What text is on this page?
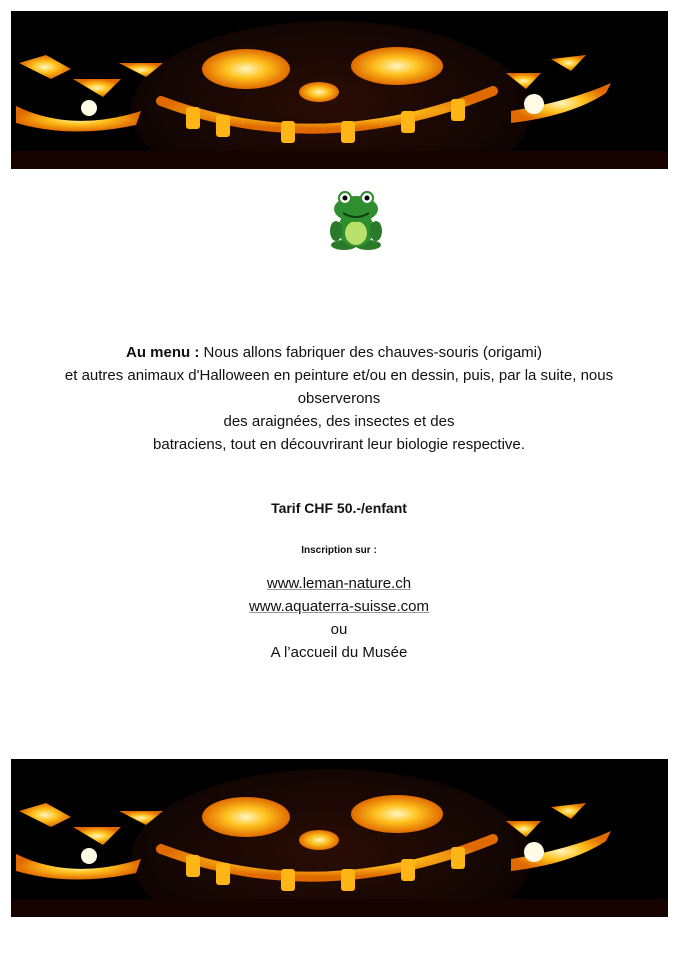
Au menu : Nous allons fabriquer des chauves-souris (origami)
et autres animaux d'Halloween en peinture et/ou en dessin, puis, par la suite, nous
observerons
des araignées, des insectes et des
batraciens, tout en découvrirant leur biologie respective.
Tarif CHF 50.-/enfant
Inscription sur :
www.leman-nature.ch
www.aquaterra-suisse.com
ou
A l’accueil du Musée
